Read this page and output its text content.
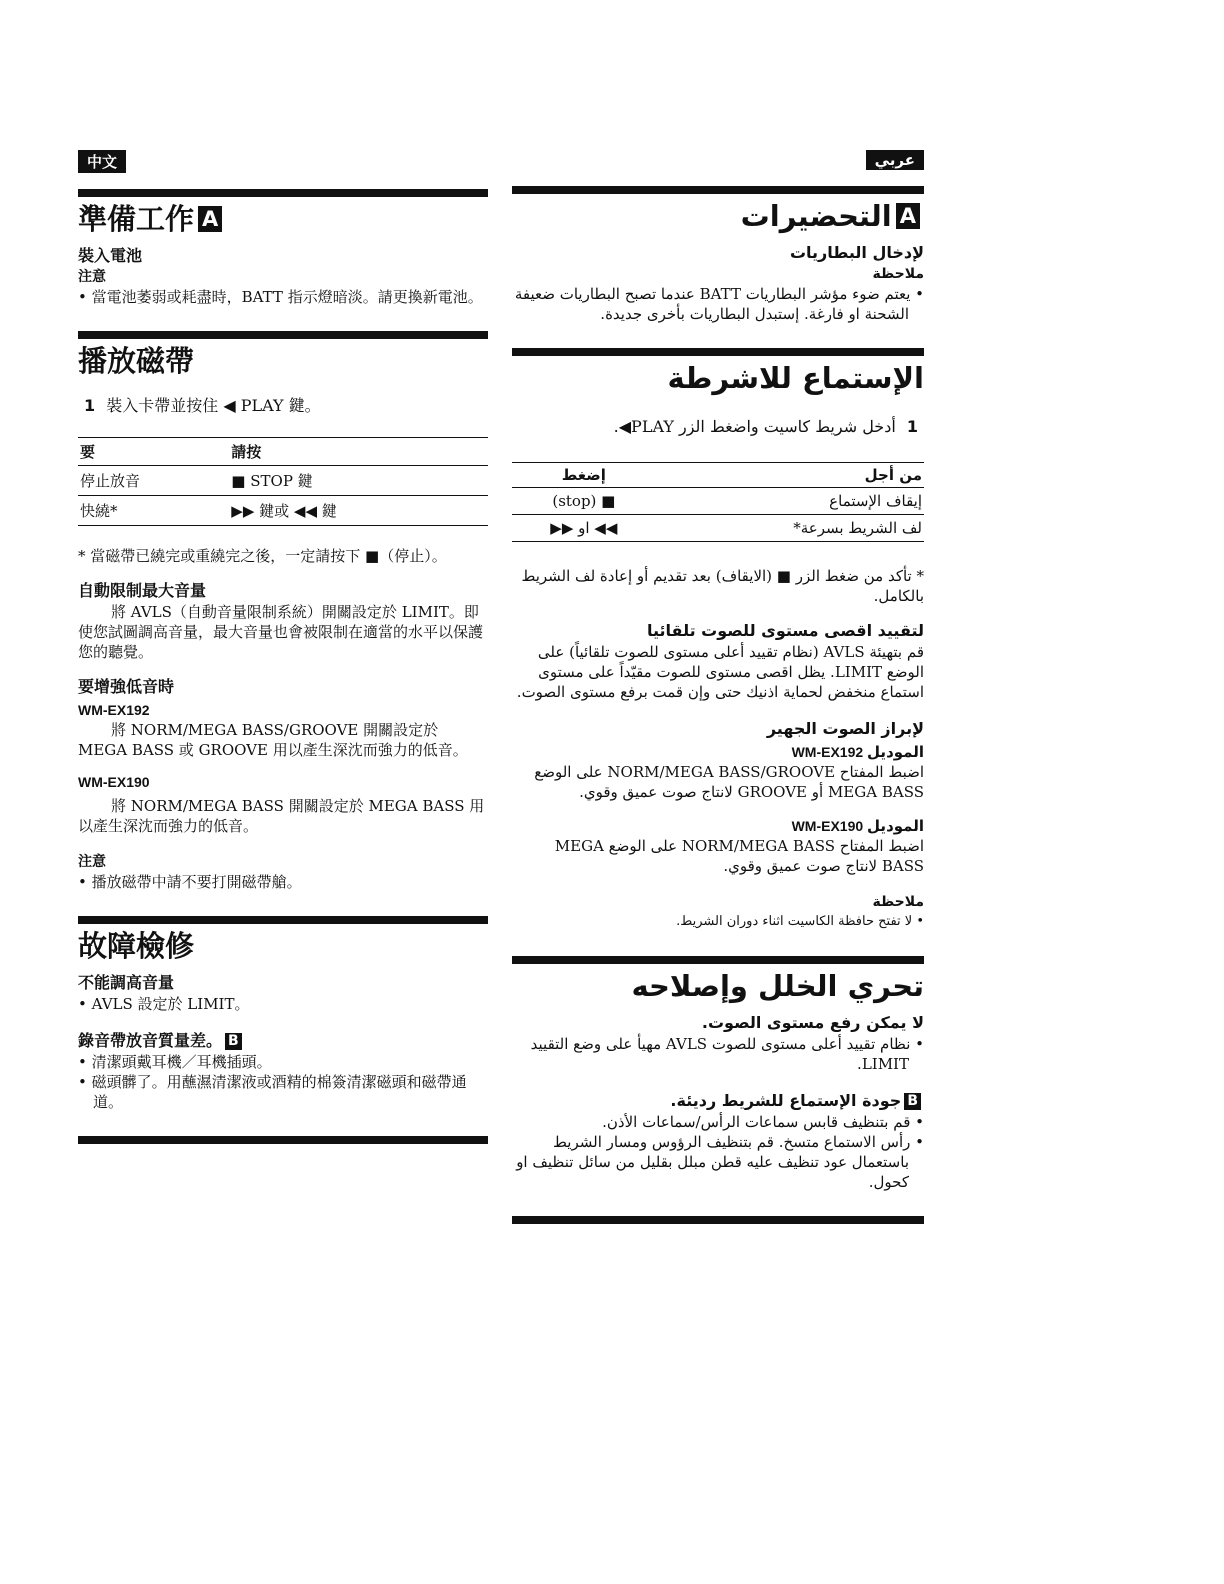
中文
準備工作 A
裝入電池
注意
• 當電池萎弱或耗盡時，BATT 指示燈暗淡。請更換新電池。
播放磁帶
1 裝入卡帶並按住 ◀ PLAY 鍵。
要	請按
停止放音	■ STOP 鍵
快繞*	▶▶ 鍵或 ◀◀ 鍵
* 當磁帶已繞完或重繞完之後，一定請按下 ■（停止）。
自動限制最大音量
將 AVLS（自動音量限制系統）開關設定於 LIMIT。即使您試圖調高音量，最大音量也會被限制在適當的水平以保護您的聽覺。
要增強低音時
WM-EX192
將 NORM/MEGA BASS/GROOVE 開關設定於 MEGA BASS 或 GROOVE 用以產生深沈而強力的低音。
WM-EX190
將 NORM/MEGA BASS 開關設定於 MEGA BASS 用以產生深沈而強力的低音。
注意
• 播放磁帶中請不要打開磁帶艙。
故障檢修
不能調高音量
• AVLS 設定於 LIMIT。
錄音帶放音質量差。 B
• 清潔頭戴耳機／耳機插頭。
• 磁頭髒了。用蘸濕清潔液或酒精的棉簽清潔磁頭和磁帶通道。
عربي
Aالتحضيرات
لإدخال البطاريات
ملاحظة
• يعتم ضوء مؤشر البطاريات BATT عندما تصبح البطاريات ضعيفة الشحنة او فارغة. إستبدل البطاريات بأخرى جديدة.
الإستماع للاشرطة
1 أدخل شريط كاسيت واضغط الزر PLAY◀.
من أجل	إضغط
إيقاف الإستماع	■ (stop)
لف الشريط بسرعة*	◀◀ او ▶▶
* تأكد من ضغط الزر ■ (الايقاف) بعد تقديم أو إعادة لف الشريط بالكامل.
لتقييد اقصى مستوى للصوت تلقائيا
قم بتهيئة AVLS (نظام تقييد أعلى مستوى للصوت تلقائياً) على الوضع LIMIT. يظل اقصى مستوى للصوت مقيّداً على مستوى استماع منخفض لحماية اذنيك حتى وإن قمت برفع مستوى الصوت.
لإبراز الصوت الجهير
الموديل WM-EX192
اضبط المفتاح NORM/MEGA BASS/GROOVE على الوضع MEGA BASS أو GROOVE لانتاج صوت عميق وقوي.
الموديل WM-EX190
اضبط المفتاح NORM/MEGA BASS على الوضع MEGA BASS لانتاج صوت عميق وقوي.
ملاحظة
• لا تفتح حافظة الكاسيت اثناء دوران الشريط.
تحري الخلل وإصلاحه
لا يمكن رفع مستوى الصوت.
• نظام تقييد أعلى مستوى للصوت AVLS مهيأ على وضع التقييد LIMIT.
Bجودة الإستماع للشريط رديئة.
• قم بتنظيف قابس سماعات الرأس/سماعات الأذن.
• رأس الاستماع متسخ. قم بتنظيف الرؤوس ومسار الشريط باستعمال عود تنظيف عليه قطن مبلل بقليل من سائل تنظيف او كحول.
